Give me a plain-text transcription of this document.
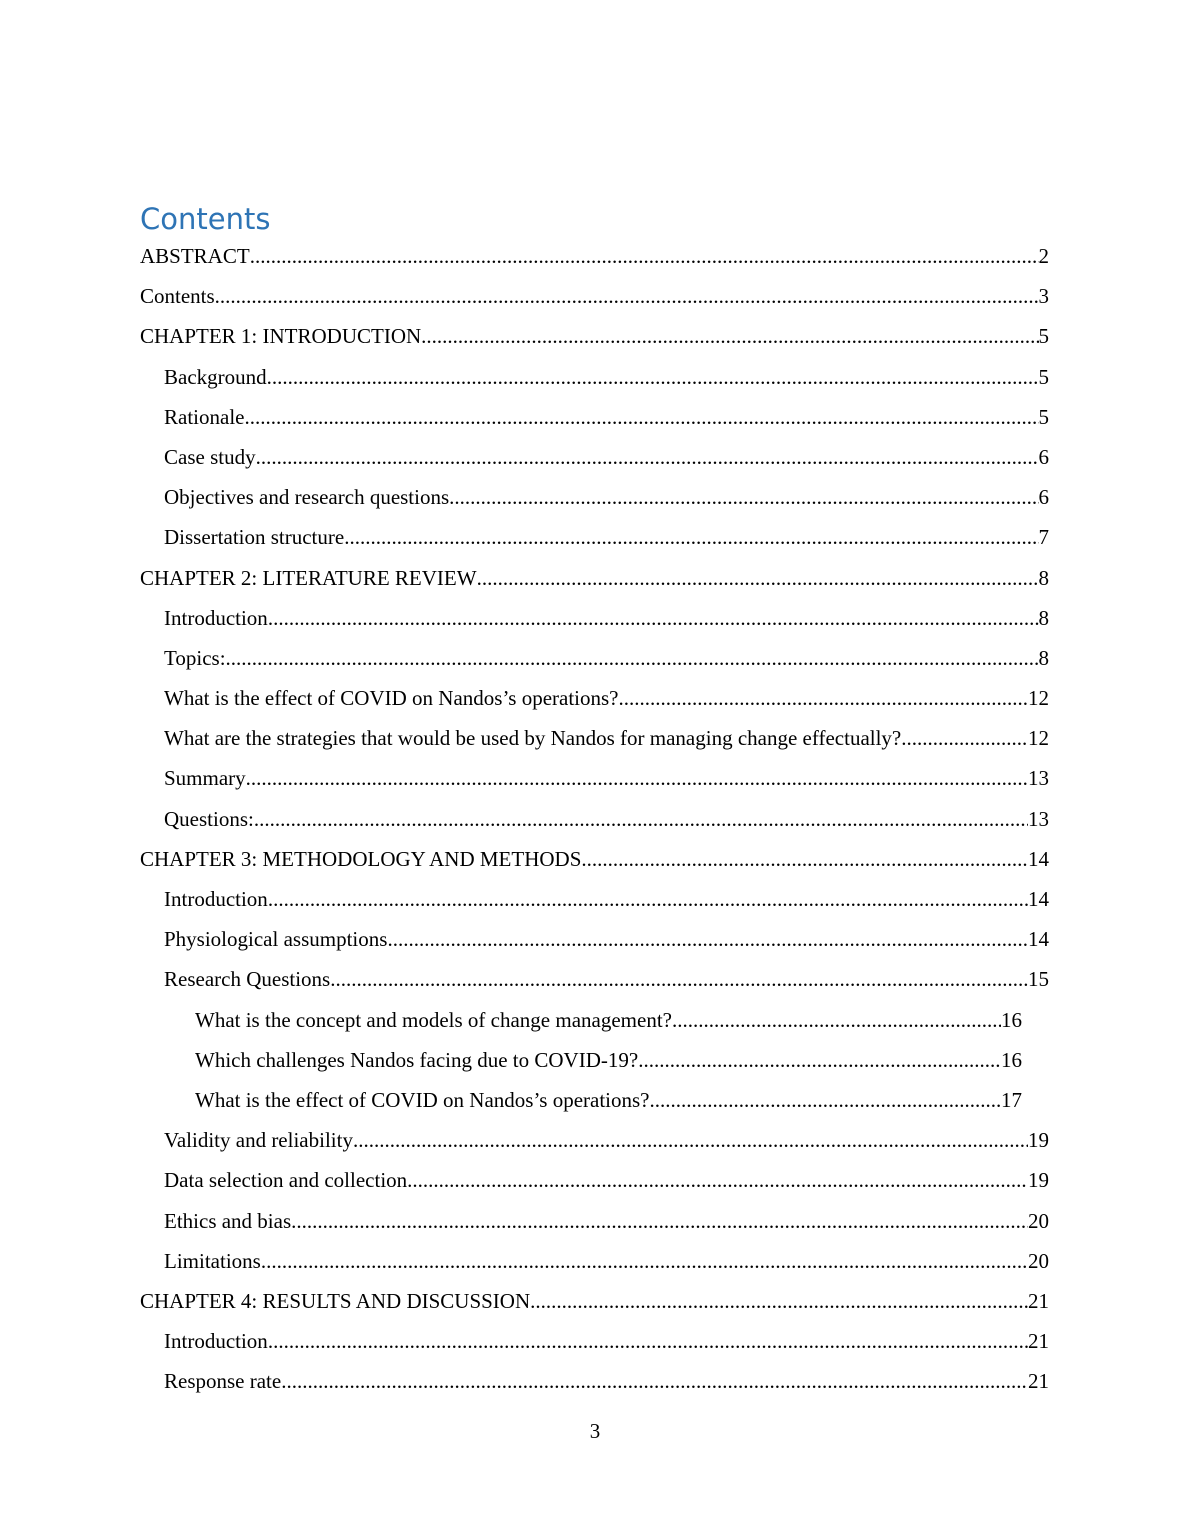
Contents
ABSTRACT .....	2
Contents .....	3
CHAPTER 1: INTRODUCTION .....	5
Background .....	5
Rationale .....	5
Case study .....	6
Objectives and research questions .....	6
Dissertation structure .....	7
CHAPTER 2: LITERATURE REVIEW .....	8
Introduction .....	8
Topics: .....	8
What is the effect of COVID on Nandos’s operations? .....	12
What are the strategies that would be used by Nandos for managing change effectually? .....	12
Summary .....	13
Questions: .....	13
CHAPTER 3: METHODOLOGY AND METHODS .....	14
Introduction .....	14
Physiological assumptions .....	14
Research Questions .....	15
What is the concept and models of change management? .....	16
Which challenges Nandos facing due to COVID-19? .....	16
What is the effect of COVID on Nandos’s operations? .....	17
Validity and reliability .....	19
Data selection and collection .....	19
Ethics and bias .....	20
Limitations .....	20
CHAPTER 4: RESULTS AND DISCUSSION .....	21
Introduction .....	21
Response rate .....	21
3
